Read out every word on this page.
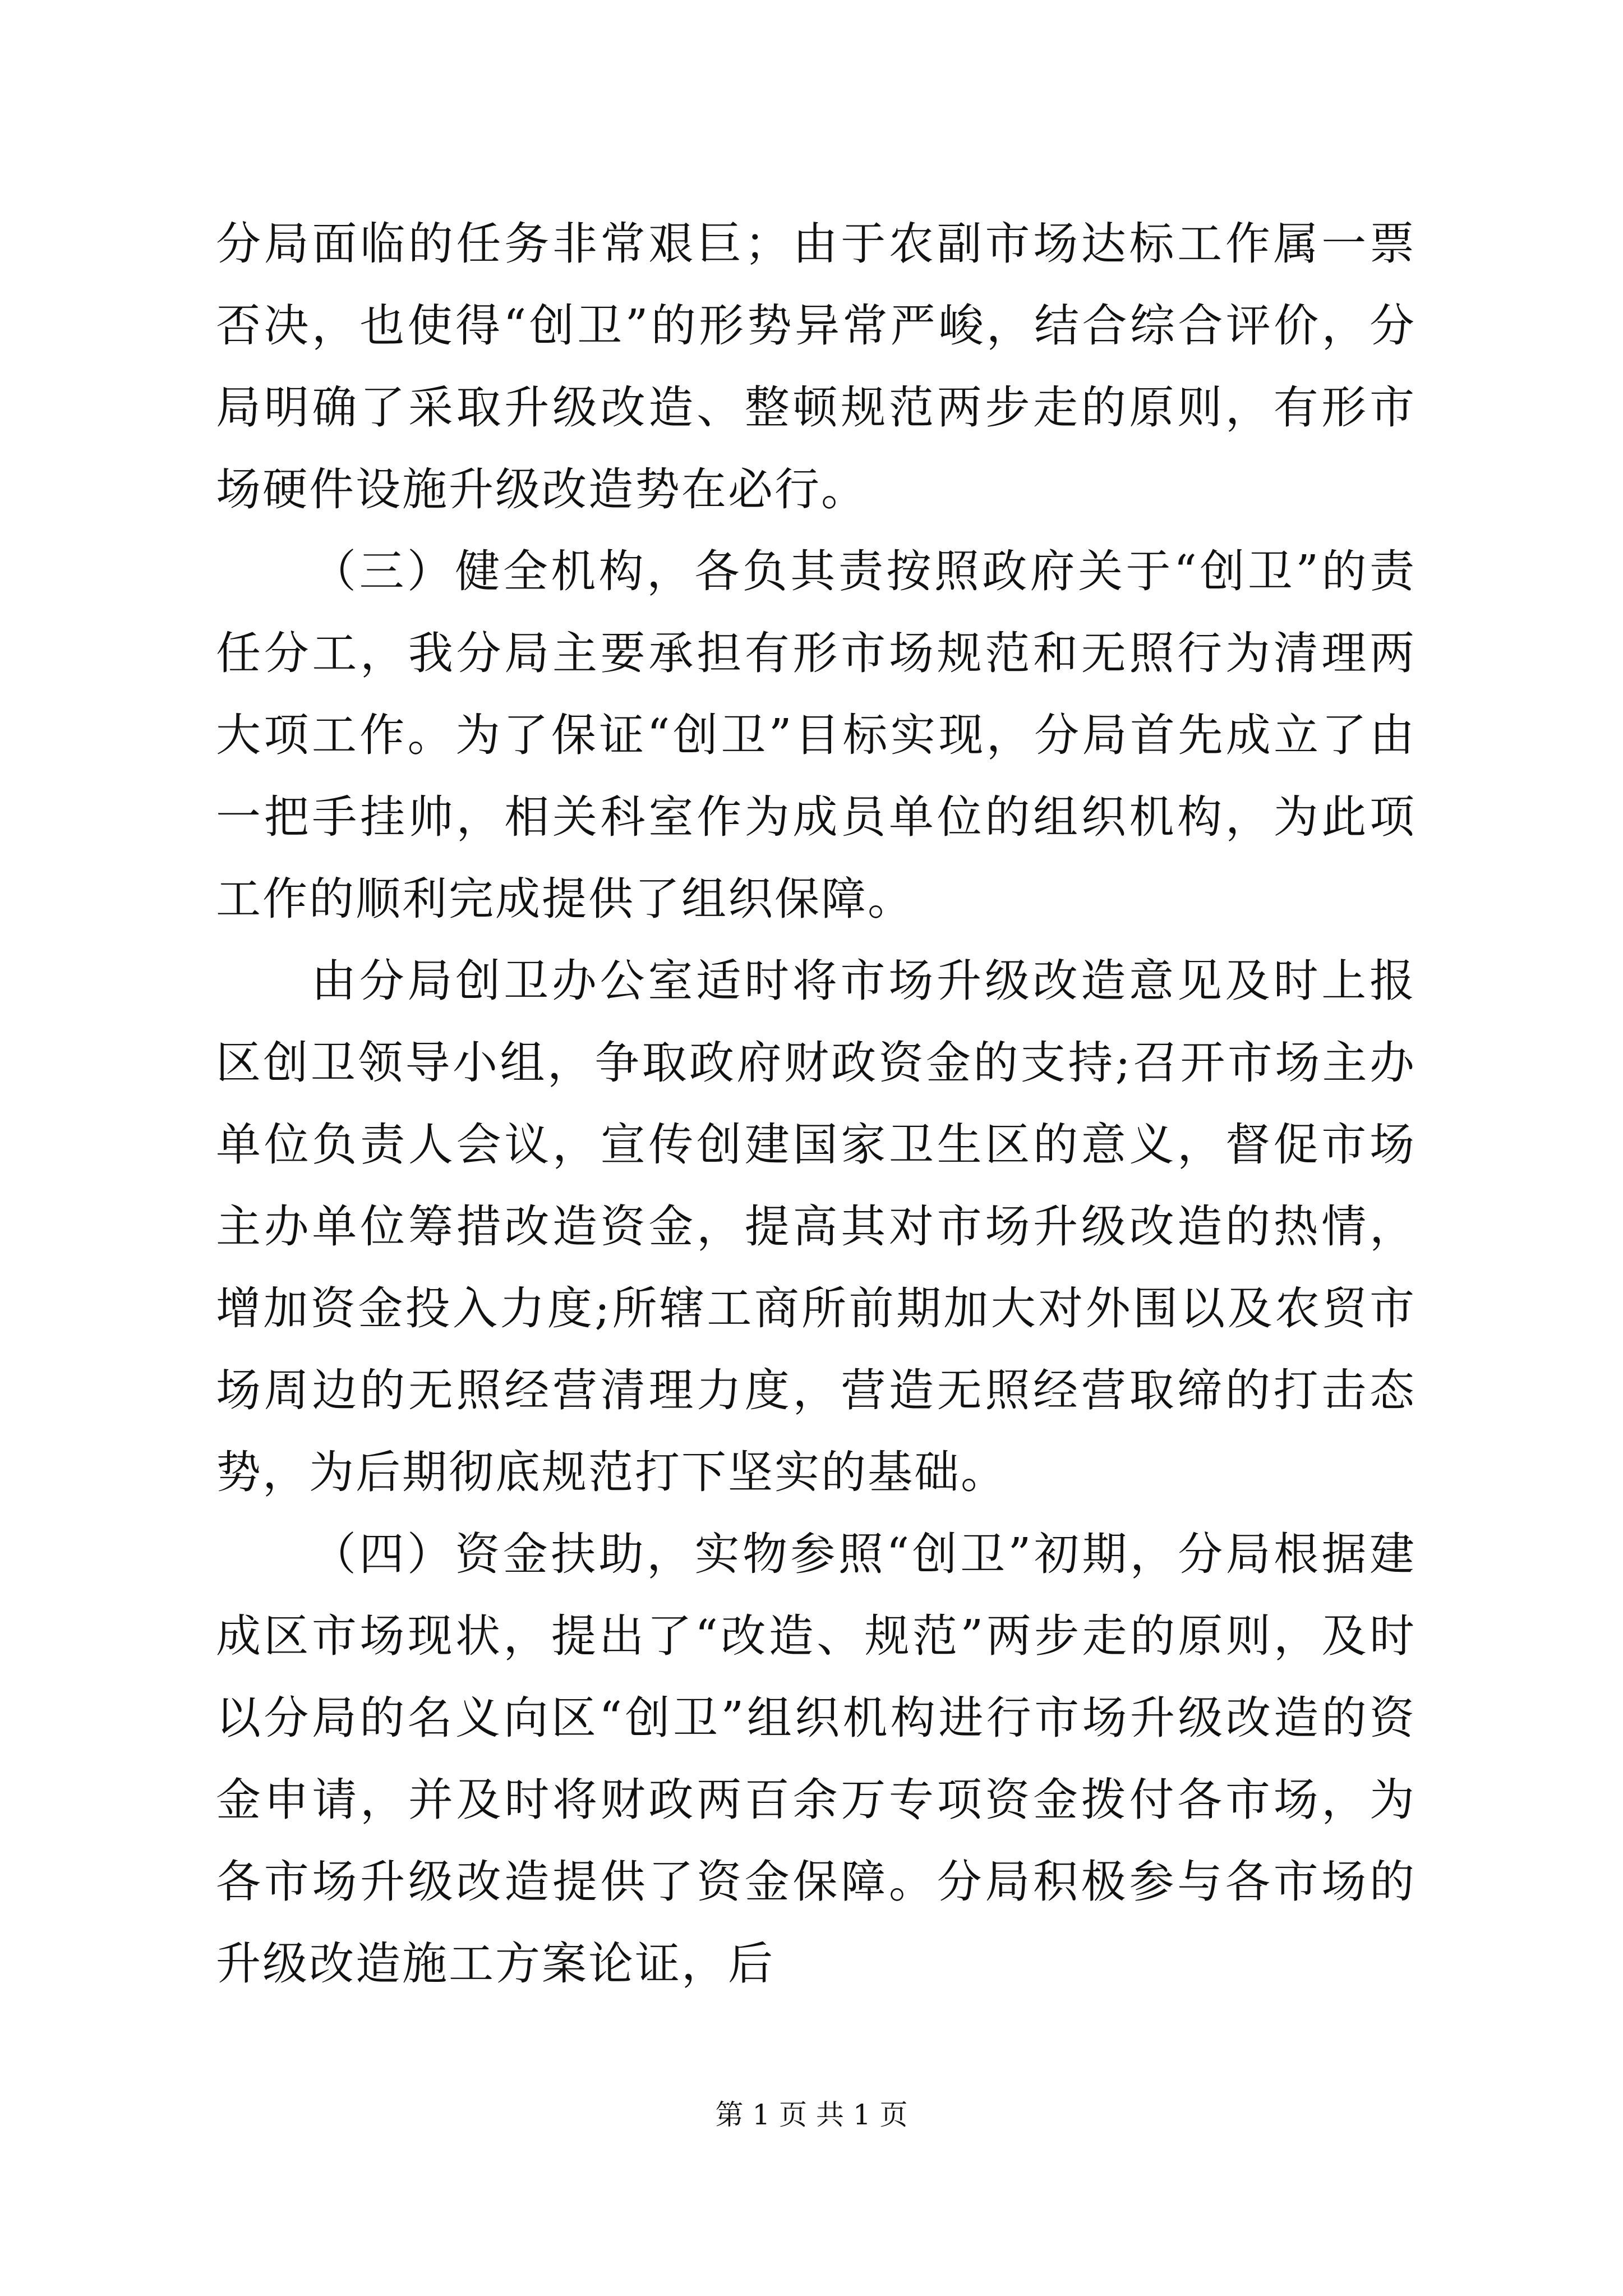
分局面临的任务非常艰巨；由于农副市场达标工作属一票否决，也使得“创卫”的形势异常严峻，结合综合评价，分局明确了采取升级改造、整顿规范两步走的原则，有形市场硬件设施升级改造势在必行。

（三）健全机构，各负其责按照政府关于“创卫”的责任分工，我分局主要承担有形市场规范和无照行为清理两大项工作。为了保证“创卫”目标实现，分局首先成立了由一把手挂帅，相关科室作为成员单位的组织机构，为此项工作的顺利完成提供了组织保障。

由分局创卫办公室适时将市场升级改造意见及时上报区创卫领导小组，争取政府财政资金的支持;召开市场主办单位负责人会议，宣传创建国家卫生区的意义，督促市场主办单位筹措改造资金，提高其对市场升级改造的热情，增加资金投入力度;所辖工商所前期加大对外围以及农贸市场周边的无照经营清理力度，营造无照经营取缔的打击态势，为后期彻底规范打下坚实的基础。

（四）资金扶助，实物参照“创卫”初期，分局根据建成区市场现状，提出了“改造、规范”两步走的原则，及时以分局的名义向区“创卫”组织机构进行市场升级改造的资金申请，并及时将财政两百余万专项资金拨付各市场，为各市场升级改造提供了资金保障。分局积极参与各市场的升级改造施工方案论证，后

第 1 页 共 1 页
